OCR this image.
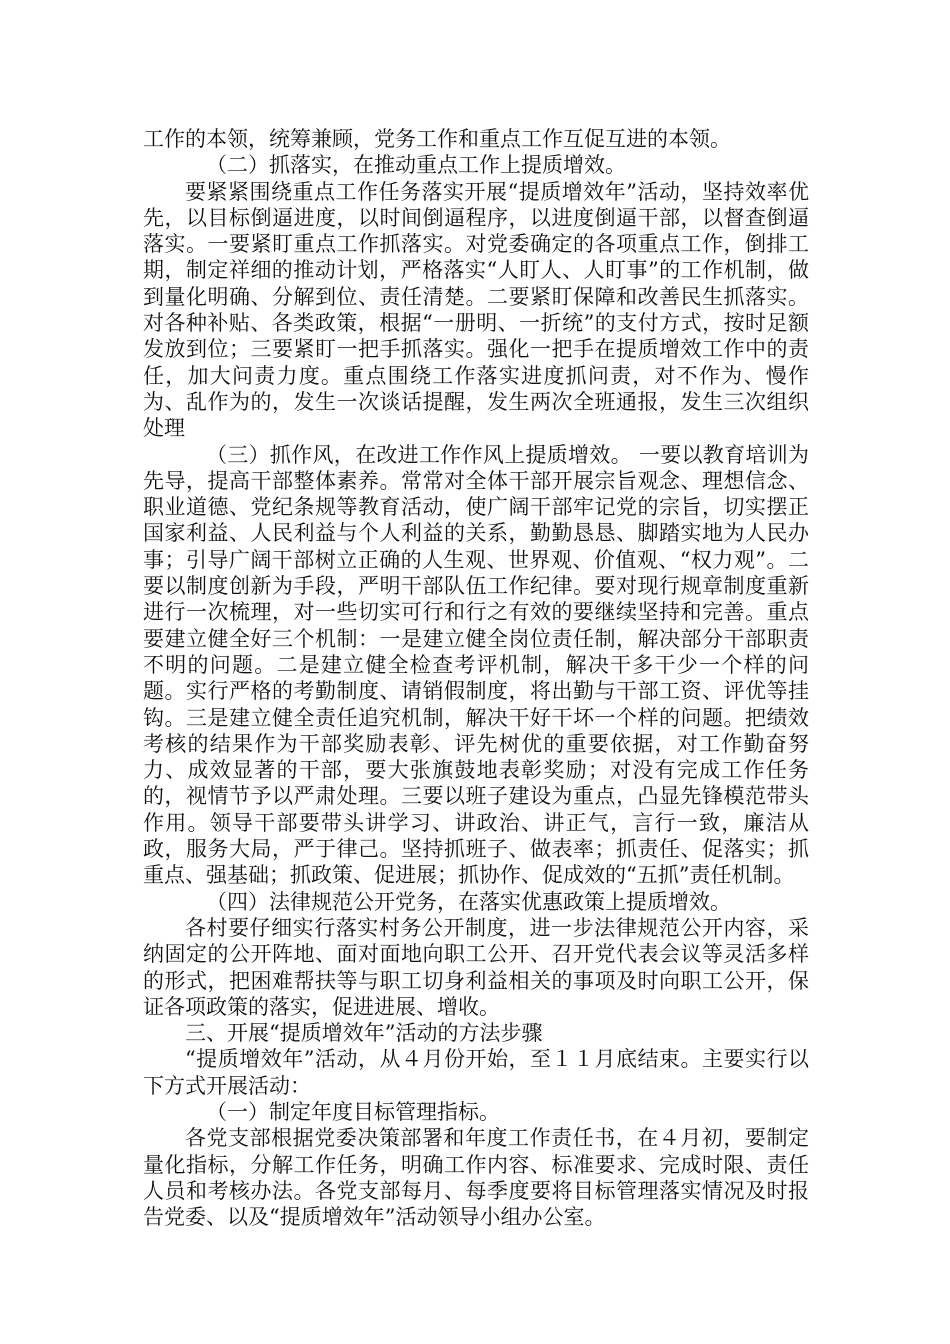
工作的本领，统筹兼顾，党务工作和重点工作互促互进的本领。

（二）抓落实，在推动重点工作上提质增效。

要紧紧围绕重点工作任务落实开展“提质增效年”活动，坚持效率优先，以目标倒逼进度，以时间倒逼程序，以进度倒逼干部，以督查倒逼落实。一要紧盯重点工作抓落实。对党委确定的各项重点工作，倒排工期，制定祥细的推动计划，严格落实“人盯人、人盯事”的工作机制，做到量化明确、分解到位、责任清楚。二要紧盯保障和改善民生抓落实。对各种补贴、各类政策，根据“一册明、一折统”的支付方式，按时足额发放到位；三要紧盯一把手抓落实。强化一把手在提质增效工作中的责任，加大问责力度。重点围绕工作落实进度抓问责，对不作为、慢作为、乱作为的，发生一次谈话提醒，发生两次全班通报，发生三次组织处理

（三）抓作风，在改进工作作风上提质增效。 一要以教育培训为先导，提高干部整体素养。常常对全体干部开展宗旨观念、理想信念、职业道德、党纪条规等教育活动，使广阔干部牢记党的宗旨，切实摆正国家利益、人民利益与个人利益的关系，勤勤恳恳、脚踏实地为人民办事；引导广阔干部树立正确的人生观、世界观、价值观、“权力观”。二要以制度创新为手段，严明干部队伍工作纪律。要对现行规章制度重新进行一次梳理，对一些切实可行和行之有效的要继续坚持和完善。重点要建立健全好三个机制：一是建立健全岗位责任制，解决部分干部职责不明的问题。二是建立健全检查考评机制，解决干多干少一个样的问题。实行严格的考勤制度、请销假制度，将出勤与干部工资、评优等挂钩。三是建立健全责任追究机制，解决干好干坏一个样的问题。把绩效考核的结果作为干部奖励表彰、评先树优的重要依据，对工作勤奋努力、成效显著的干部，要大张旗鼓地表彰奖励；对没有完成工作任务的，视情节予以严肃处理。三要以班子建设为重点，凸显先锋模范带头作用。领导干部要带头讲学习、讲政治、讲正气，言行一致，廉洁从政，服务大局，严于律己。坚持抓班子、做表率；抓责任、促落实；抓重点、强基础；抓政策、促进展；抓协作、促成效的“五抓”责任机制。

（四）法律规范公开党务，在落实优惠政策上提质增效。

各村要仔细实行落实村务公开制度，进一步法律规范公开内容，采纳固定的公开阵地、面对面地向职工公开、召开党代表会议等灵活多样的形式，把困难帮扶等与职工切身利益相关的事项及时向职工公开，保证各项政策的落实，促进进展、增收。

三、开展“提质增效年”活动的方法步骤

“提质增效年”活动，从４月份开始，至１１月底结束。主要实行以下方式开展活动：

（一）制定年度目标管理指标。

各党支部根据党委决策部署和年度工作责任书，在４月初，要制定量化指标，分解工作任务，明确工作内容、标准要求、完成时限、责任人员和考核办法。各党支部每月、每季度要将目标管理落实情况及时报告党委、以及“提质增效年”活动领导小组办公室。
